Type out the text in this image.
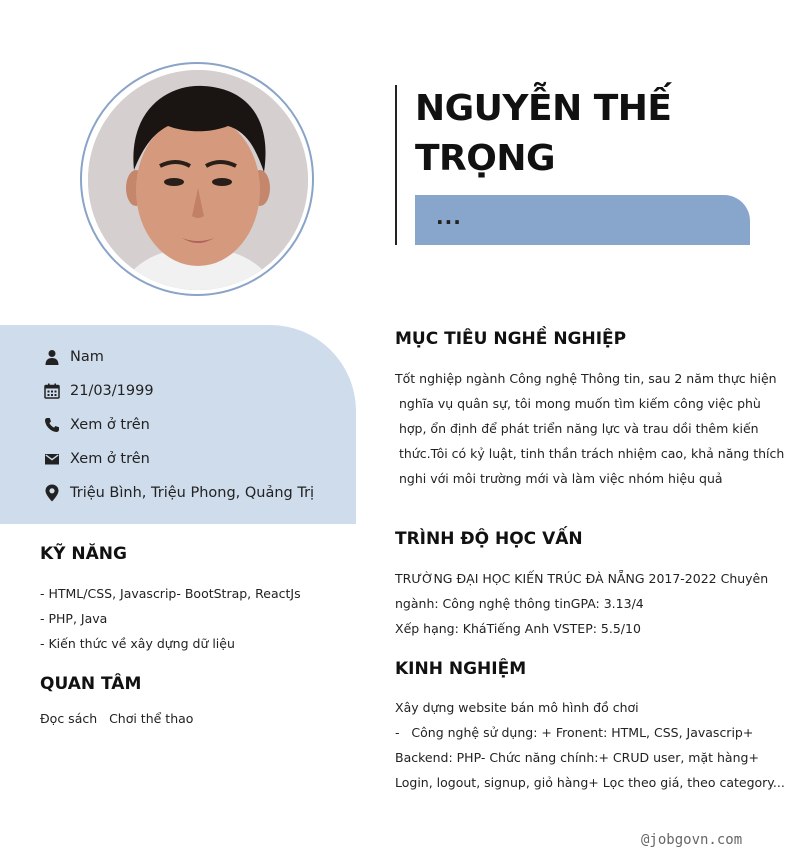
NGUYỄN THẾ
TRỌNG
...
Nam
21/03/1999
Xem ở trên
Xem ở trên
Triệu Bình, Triệu Phong, Quảng Trị
KỸ NĂNG
- HTML/CSS, Javascrip- BootStrap, ReactJs
- PHP, Java
- Kiến thức về xây dựng dữ liệu
QUAN TÂM
Đọc sách   Chơi thể thao
MỤC TIÊU NGHỀ NGHIỆP
Tốt nghiệp ngành Công nghệ Thông tin, sau 2 năm thực hiện
nghĩa vụ quân sự, tôi mong muốn tìm kiếm công việc phù
hợp, ổn định để phát triển năng lực và trau dồi thêm kiến
thức.Tôi có kỷ luật, tinh thần trách nhiệm cao, khả năng thích
nghi với môi trường mới và làm việc nhóm hiệu quả
TRÌNH ĐỘ HỌC VẤN

TRƯỜNG ĐẠI HỌC KIẾN TRÚC ĐÀ NẴNG 2017-2022 Chuyên

ngành: Công nghệ thông tinGPA: 3.13/4

Xếp hạng: KháTiếng Anh VSTEP: 5.5/10

KINH NGHIỆM

Xây dựng website bán mô hình đồ chơi

-   Công nghệ sử dụng: + Fronent: HTML, CSS, Javascrip+

Backend: PHP- Chức năng chính:+ CRUD user, mặt hàng+

Login, logout, signup, giỏ hàng+ Lọc theo giá, theo category...

@jobgovn.com
